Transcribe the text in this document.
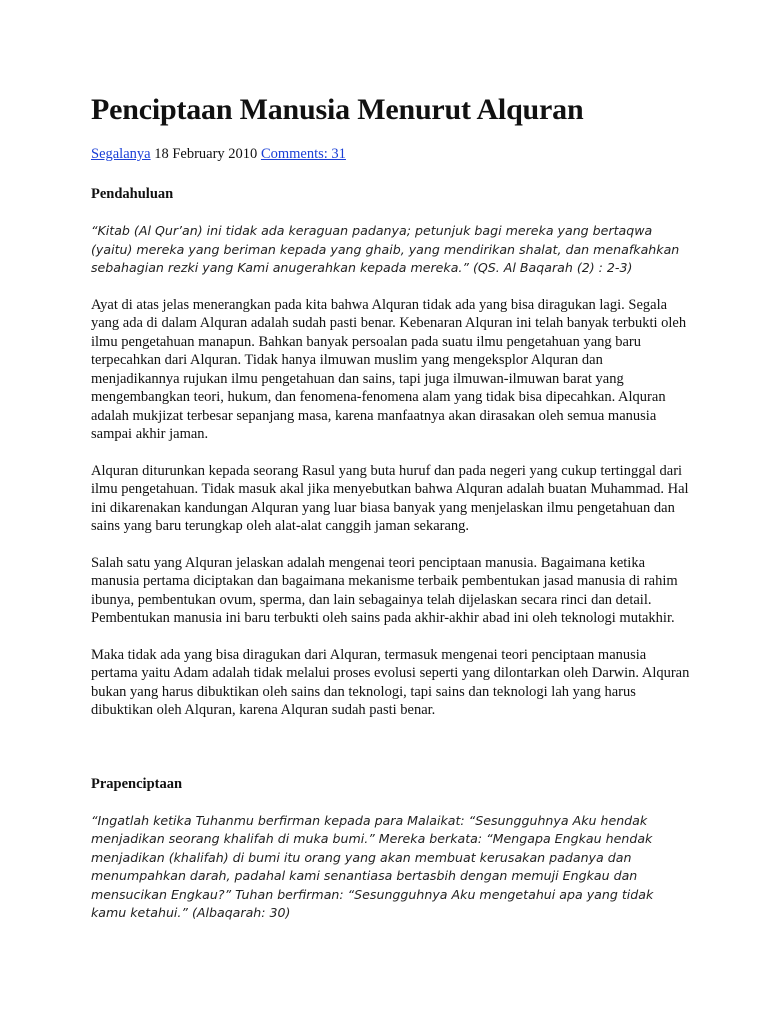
Penciptaan Manusia Menurut Alquran
Segalanya 18 February 2010 Comments: 31
Pendahuluan

“Kitab (Al Qur’an) ini tidak ada keraguan padanya; petunjuk bagi mereka yang bertaqwa (yaitu) mereka yang beriman kepada yang ghaib, yang mendirikan shalat, dan menafkahkan sebahagian rezki yang Kami anugerahkan kepada mereka.” (QS. Al Baqarah (2) : 2-3)

Ayat di atas jelas menerangkan pada kita bahwa Alquran tidak ada yang bisa diragukan lagi. Segala yang ada di dalam Alquran adalah sudah pasti benar. Kebenaran Alquran ini telah banyak terbukti oleh ilmu pengetahuan manapun. Bahkan banyak persoalan pada suatu ilmu pengetahuan yang baru terpecahkan dari Alquran. Tidak hanya ilmuwan muslim yang mengeksplor Alquran dan menjadikannya rujukan ilmu pengetahuan dan sains, tapi juga ilmuwan-ilmuwan barat yang mengembangkan teori, hukum, dan fenomena-fenomena alam yang tidak bisa dipecahkan. Alquran adalah mukjizat terbesar sepanjang masa, karena manfaatnya akan dirasakan oleh semua manusia sampai akhir jaman.

Alquran diturunkan kepada seorang Rasul yang buta huruf dan pada negeri yang cukup tertinggal dari ilmu pengetahuan. Tidak masuk akal jika menyebutkan bahwa Alquran adalah buatan Muhammad. Hal ini dikarenakan kandungan Alquran yang luar biasa banyak yang menjelaskan ilmu pengetahuan dan sains yang baru terungkap oleh alat-alat canggih jaman sekarang.

Salah satu yang Alquran jelaskan adalah mengenai teori penciptaan manusia. Bagaimana ketika manusia pertama diciptakan dan bagaimana mekanisme terbaik pembentukan jasad manusia di rahim ibunya, pembentukan ovum, sperma, dan lain sebagainya telah dijelaskan secara rinci dan detail. Pembentukan manusia ini baru terbukti oleh sains pada akhir-akhir abad ini oleh teknologi mutakhir.

Maka tidak ada yang bisa diragukan dari Alquran, termasuk mengenai teori penciptaan manusia pertama yaitu Adam adalah tidak melalui proses evolusi seperti yang dilontarkan oleh Darwin. Alquran bukan yang harus dibuktikan oleh sains dan teknologi, tapi sains dan teknologi lah yang harus dibuktikan oleh Alquran, karena Alquran sudah pasti benar.

Prapenciptaan

“Ingatlah ketika Tuhanmu berfirman kepada para Malaikat: “Sesungguhnya Aku hendak menjadikan seorang khalifah di muka bumi.” Mereka berkata: “Mengapa Engkau hendak menjadikan (khalifah) di bumi itu orang yang akan membuat kerusakan padanya dan menumpahkan darah, padahal kami senantiasa bertasbih dengan memuji Engkau dan mensucikan Engkau?” Tuhan berfirman: “Sesungguhnya Aku mengetahui apa yang tidak kamu ketahui.” (Albaqarah: 30)
